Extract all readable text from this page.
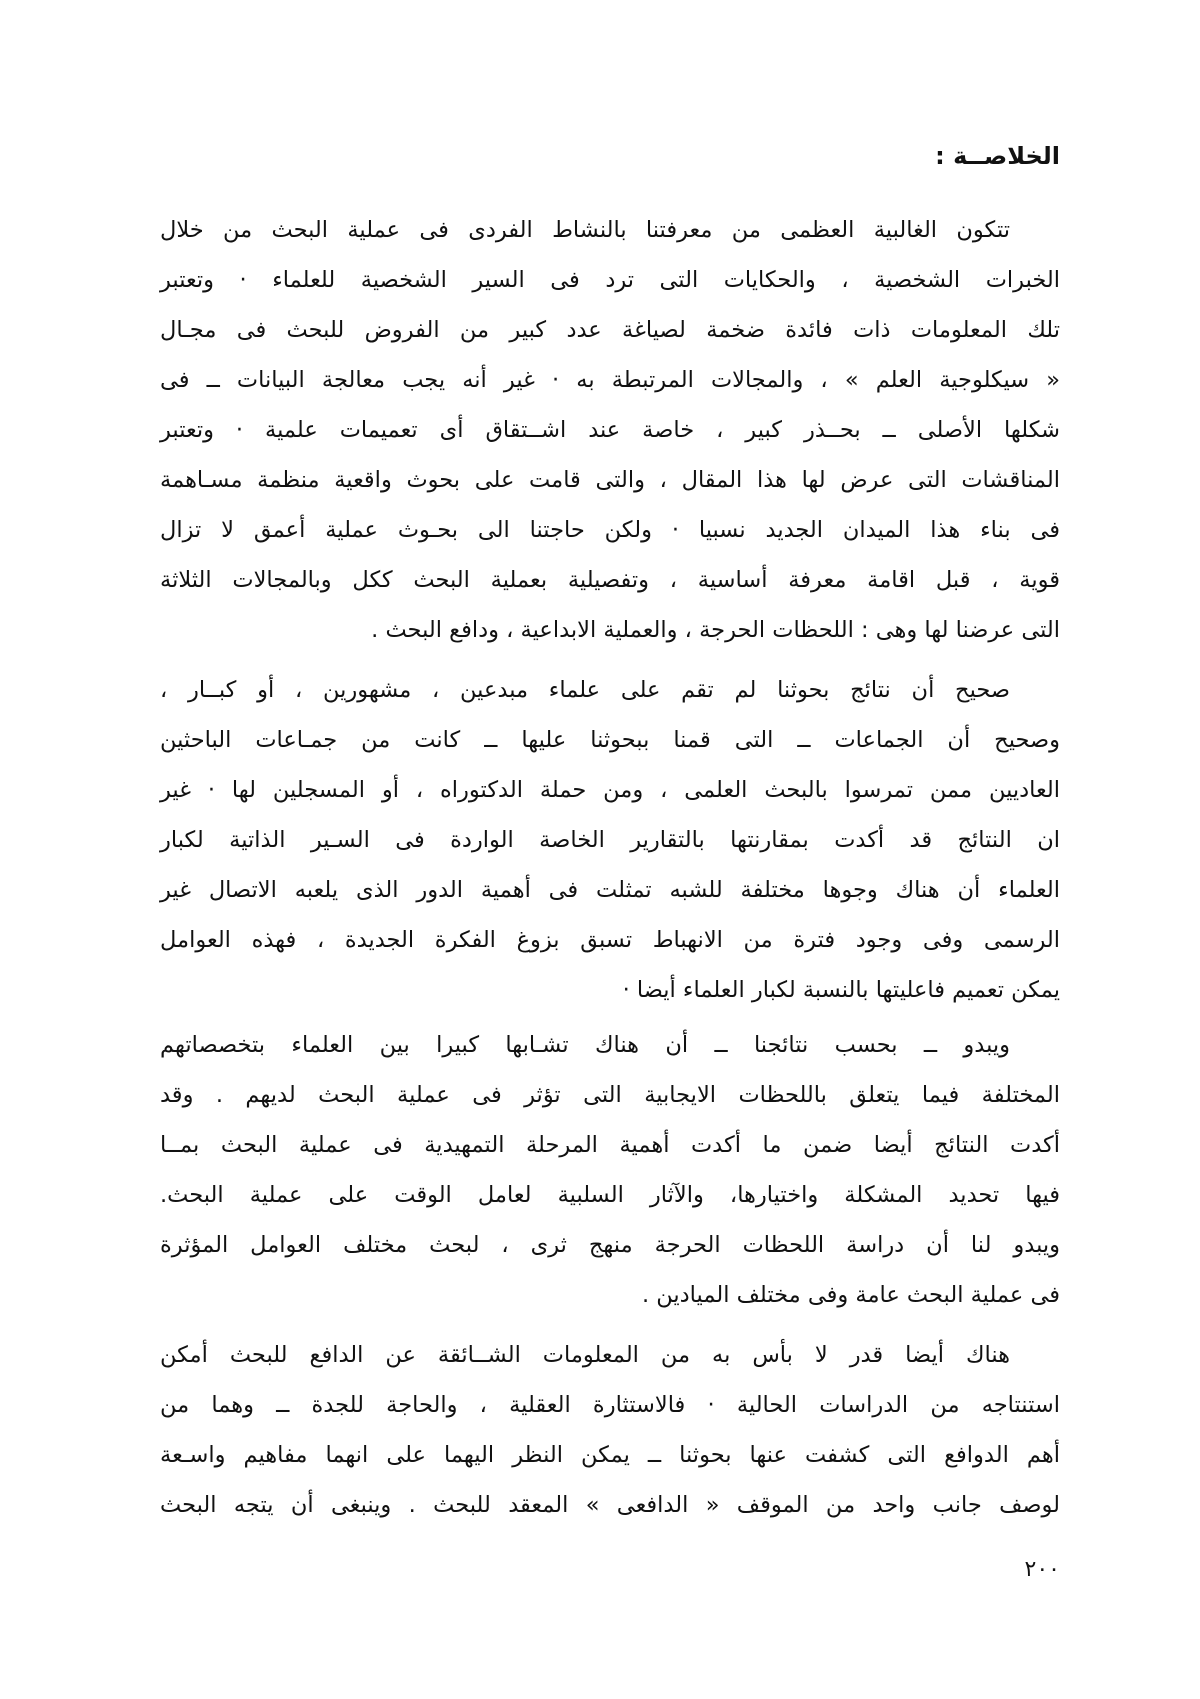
الخلاصــة :
تتكون الغالبية العظمى من معرفتنا بالنشاط الفردى فى عملية البحث من خلال
الخبرات الشخصية ، والحكايات التى ترد فى السير الشخصية للعلماء · وتعتبر
تلك المعلومات ذات فائدة ضخمة لصياغة عدد كبير من الفروض للبحث فى مجـال
« سيكلوجية العلم » ، والمجالات المرتبطة به · غير أنه يجب معالجة البيانات ــ فى
شكلها الأصلى ــ بحــذر كبير ، خاصة عند اشــتقاق أى تعميمات علمية · وتعتبر
المناقشات التى عرض لها هذا المقال ، والتى قامت على بحوث واقعية منظمة مسـاهمة
فى بناء هذا الميدان الجديد نسبيا · ولكن حاجتنا الى بحـوث عملية أعمق لا تزال
قوية ، قبل اقامة معرفة أساسية ، وتفصيلية بعملية البحث ككل وبالمجالات الثلاثة
التى عرضنا لها وهى : اللحظات الحرجة ، والعملية الابداعية ، ودافع البحث .
صحيح أن نتائج بحوثنا لم تقم على علماء مبدعين ، مشهورين ، أو كبــار ،
وصحيح أن الجماعات ــ التى قمنا ببحوثنا عليها ــ كانت من جمـاعات الباحثين
العاديين ممن تمرسوا بالبحث العلمى ، ومن حملة الدكتوراه ، أو المسجلين لها · غير
ان النتائج قد أكدت بمقارنتها بالتقارير الخاصة الواردة فى السـير الذاتية لكبار
العلماء أن هناك وجوها مختلفة للشبه تمثلت فى أهمية الدور الذى يلعبه الاتصال غير
الرسمى وفى وجود فترة من الانهباط تسبق بزوغ الفكرة الجديدة ، فهذه العوامل
يمكن تعميم فاعليتها بالنسبة لكبار العلماء أيضا ·
ويبدو ــ بحسب نتائجنا ــ أن هناك تشـابها كبيرا بين العلماء بتخصصاتهم
المختلفة فيما يتعلق باللحظات الايجابية التى تؤثر فى عملية البحث لديهم . وقد
أكدت النتائج أيضا ضمن ما أكدت أهمية المرحلة التمهيدية فى عملية البحث بمــا
فيها تحديد المشكلة واختيارها، والآثار السلبية لعامل الوقت على عملية البحث.
ويبدو لنا أن دراسة اللحظات الحرجة منهج ثرى ، لبحث مختلف العوامل المؤثرة
فى عملية البحث عامة وفى مختلف الميادين .
هناك أيضا قدر لا بأس به من المعلومات الشــائقة عن الدافع للبحث أمكن
استنتاجه من الدراسات الحالية · فالاستثارة العقلية ، والحاجة للجدة ــ وهما من
أهم الدوافع التى كشفت عنها بحوثنا ــ يمكن النظر اليهما على انهما مفاهيم واسـعة
لوصف جانب واحد من الموقف « الدافعى » المعقد للبحث . وينبغى أن يتجه البحث
٢٠٠
